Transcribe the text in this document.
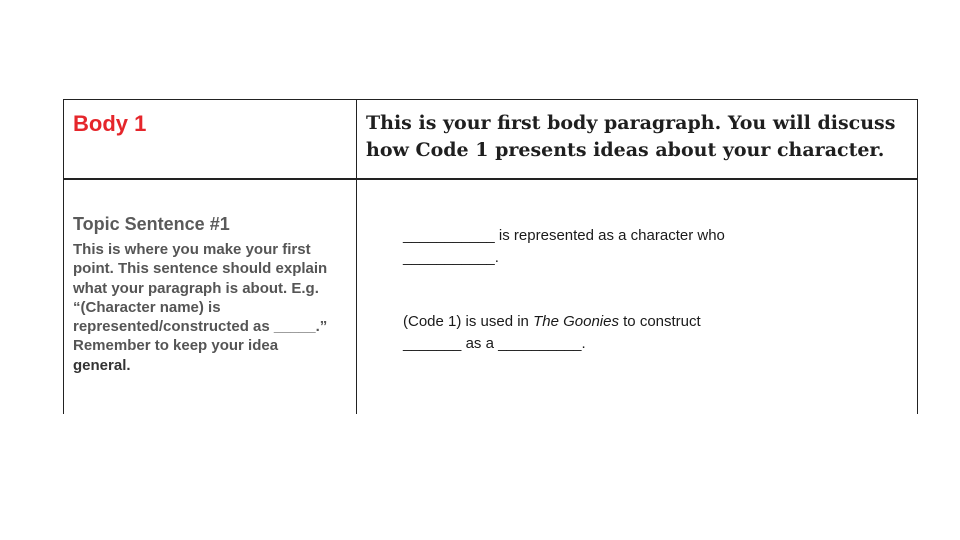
Body 1	This is your first body paragraph. You will discuss how Code 1 presents ideas about your character.
Topic Sentence #1
This is where you make your first
point. This sentence should explain
what your paragraph is about. E.g.
“(Character name) is
represented/constructed as _____.”
Remember to keep your idea
general.
___________ is represented as a character who
___________.
(Code 1) is used in The Goonies to construct
_______ as a __________.
